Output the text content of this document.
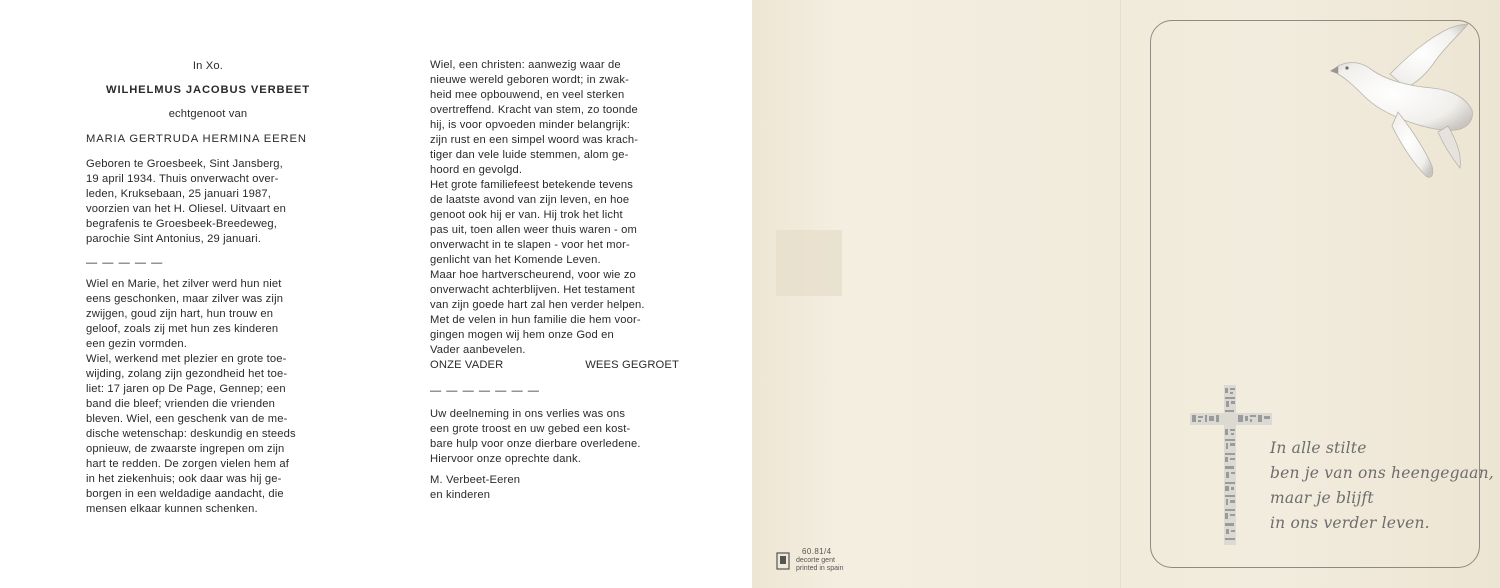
In Xo.

WILHELMUS JACOBUS VERBEET

echtgenoot van

MARIA GERTRUDA HERMINA EEREN

Geboren te Groesbeek, Sint Jansberg,

19 april 1934. Thuis onverwacht over-

leden, Kruksebaan, 25 januari 1987,

voorzien van het H. Oliesel. Uitvaart en

begrafenis te Groesbeek-Breedeweg,

parochie Sint Antonius, 29 januari.

— — — — —

Wiel en Marie, het zilver werd hun niet

eens geschonken, maar zilver was zijn

zwijgen, goud zijn hart, hun trouw en

geloof, zoals zij met hun zes kinderen

een gezin vormden.

Wiel, werkend met plezier en grote toe-

wijding, zolang zijn gezondheid het toe-

liet: 17 jaren op De Page, Gennep; een

band die bleef; vrienden die vrienden

bleven. Wiel, een geschenk van de me-

dische wetenschap: deskundig en steeds

opnieuw, de zwaarste ingrepen om zijn

hart te redden. De zorgen vielen hem af

in het ziekenhuis; ook daar was hij ge-

borgen in een weldadige aandacht, die

mensen elkaar kunnen schenken.

Wiel, een christen: aanwezig waar de

nieuwe wereld geboren wordt; in zwak-

heid mee opbouwend, en veel sterken

overtreffend. Kracht van stem, zo toonde

hij, is voor opvoeden minder belangrijk:

zijn rust en een simpel woord was krach-

tiger dan vele luide stemmen, alom ge-

hoord en gevolgd.

Het grote familiefeest betekende tevens

de laatste avond van zijn leven, en hoe

genoot ook hij er van. Hij trok het licht

pas uit, toen allen weer thuis waren - om

onverwacht in te slapen - voor het mor-

genlicht van het Komende Leven.

Maar hoe hartverscheurend, voor wie zo

onverwacht achterblijven. Het testament

van zijn goede hart zal hen verder helpen.

Met de velen in hun familie die hem voor-

gingen mogen wij hem onze God en

Vader aanbevelen.

ONZE VADER	WEES GEGROET

— — — — — — —

Uw deelneming in ons verlies was ons

een grote troost en uw gebed een kost-

bare hulp voor onze dierbare overledene.

Hiervoor onze oprechte dank.

M. Verbeet-Eeren

en kinderen

In alle stilte

ben je van ons heengegaan,

maar je blijft

in ons verder leven.

60.81/4
decorte gent
printed in spain
